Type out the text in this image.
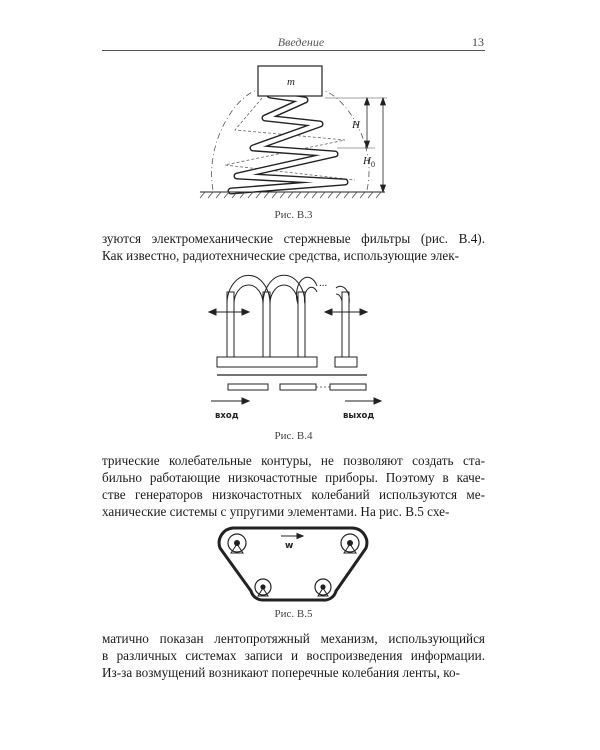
Введение	13
m
H
$H_0$
Рис. В.3

зуются электромеханические стержневые фильтры (рис. В.4).
Как известно, радиотехнические средства, использующие элек-

...
вход	выход
Рис. В.4

трические колебательные контуры, не позволяют создать ста-
бильно работающие низкочастотные приборы. Поэтому в каче-
стве генераторов низкочастотных колебаний используются ме-
ханические системы с упругими элементами. На рис. В.5 схе-

w
Рис. В.5

матично показан лентопротяжный механизм, использующийся
в различных системах записи и воспроизведения информации.
Из-за возмущений возникают поперечные колебания ленты, ко-
